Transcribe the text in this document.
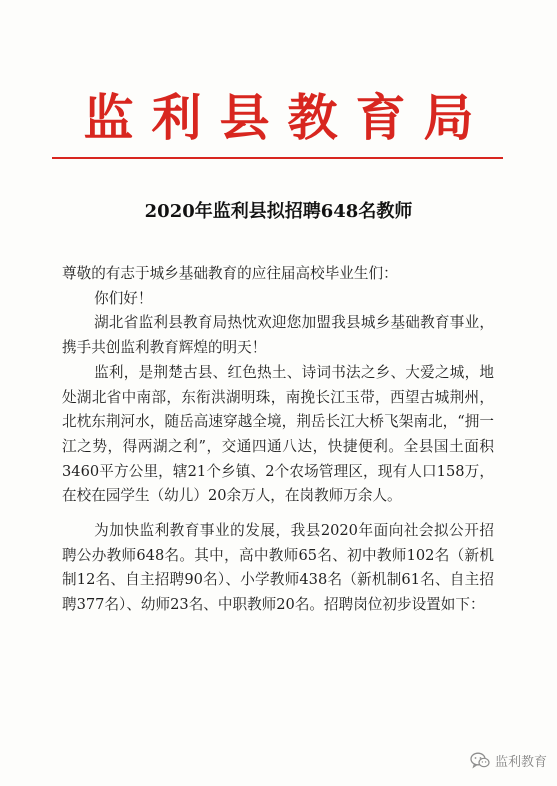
监利县教育局
2020年监利县拟招聘648名教师

尊敬的有志于城乡基础教育的应往届高校毕业生们：

你们好！

湖北省监利县教育局热忱欢迎您加盟我县城乡基础教育事业，携手共创监利教育辉煌的明天！

监利，是荆楚古县、红色热土、诗词书法之乡、大爱之城，地处湖北省中南部，东衔洪湖明珠，南挽长江玉带，西望古城荆州，北枕东荆河水，随岳高速穿越全境，荆岳长江大桥飞架南北，“拥一江之势，得两湖之利”，交通四通八达，快捷便利。全县国土面积3460平方公里，辖21个乡镇、2个农场管理区，现有人口158万，在校在园学生（幼儿）20余万人，在岗教师万余人。

为加快监利教育事业的发展，我县2020年面向社会拟公开招聘公办教师648名。其中，高中教师65名、初中教师102名（新机制12名、自主招聘90名）、小学教师438名（新机制61名、自主招聘377名）、幼师23名、中职教师20名。招聘岗位初步设置如下：

监利教育
